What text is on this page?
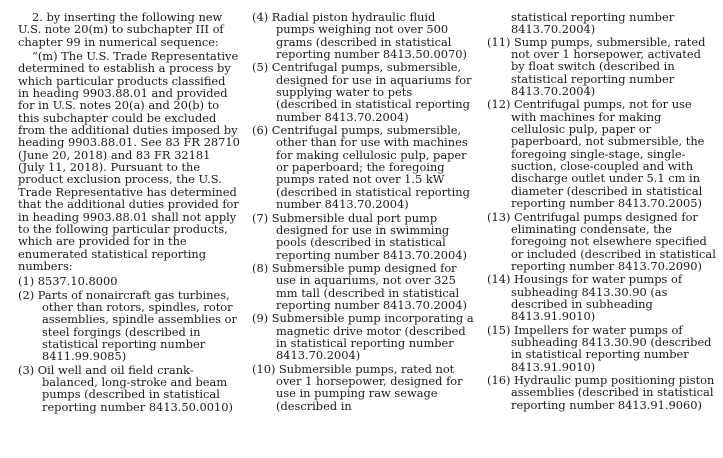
2. by inserting the following new U.S. note 20(m) to subchapter III of chapter 99 in numerical sequence:

“(m) The U.S. Trade Representative determined to establish a process by which particular products classified in heading 9903.88.01 and provided for in U.S. notes 20(a) and 20(b) to this subchapter could be excluded from the additional duties imposed by heading 9903.88.01. See 83 FR 28710 (June 20, 2018) and 83 FR 32181 (July 11, 2018). Pursuant to the product exclusion process, the U.S. Trade Representative has determined that the additional duties provided for in heading 9903.88.01 shall not apply to the following particular products, which are provided for in the enumerated statistical reporting numbers:

(1) 8537.10.8000

(2) Parts of nonaircraft gas turbines, other than rotors, spindles, rotor assemblies, spindle assemblies or steel forgings (described in statistical reporting number 8411.99.9085)

(3) Oil well and oil field crank-balanced, long-stroke and beam pumps (described in statistical reporting number 8413.50.0010)

(4) Radial piston hydraulic fluid pumps weighing not over 500 grams (described in statistical reporting number 8413.50.0070)

(5) Centrifugal pumps, submersible, designed for use in aquariums for supplying water to pets (described in statistical reporting number 8413.70.2004)

(6) Centrifugal pumps, submersible, other than for use with machines for making cellulosic pulp, paper or paperboard; the foregoing pumps rated not over 1.5 kW (described in statistical reporting number 8413.70.2004)

(7) Submersible dual port pump designed for use in swimming pools (described in statistical reporting number 8413.70.2004)

(8) Submersible pump designed for use in aquariums, not over 325 mm tall (described in statistical reporting number 8413.70.2004)

(9) Submersible pump incorporating a magnetic drive motor (described in statistical reporting number 8413.70.2004)

(10) Submersible pumps, rated not over 1 horsepower, designed for use in pumping raw sewage (described in

statistical reporting number 8413.70.2004)

(11) Sump pumps, submersible, rated not over 1 horsepower, activated by float switch (described in statistical reporting number 8413.70.2004)

(12) Centrifugal pumps, not for use with machines for making cellulosic pulp, paper or paperboard, not submersible, the foregoing single-stage, single-suction, close-coupled and with discharge outlet under 5.1 cm in diameter (described in statistical reporting number 8413.70.2005)

(13) Centrifugal pumps designed for eliminating condensate, the foregoing not elsewhere specified or included (described in statistical reporting number 8413.70.2090)

(14) Housings for water pumps of subheading 8413.30.90 (as described in subheading 8413.91.9010)

(15) Impellers for water pumps of subheading 8413.30.90 (described in statistical reporting number 8413.91.9010)

(16) Hydraulic pump positioning piston assemblies (described in statistical reporting number 8413.91.9060)
